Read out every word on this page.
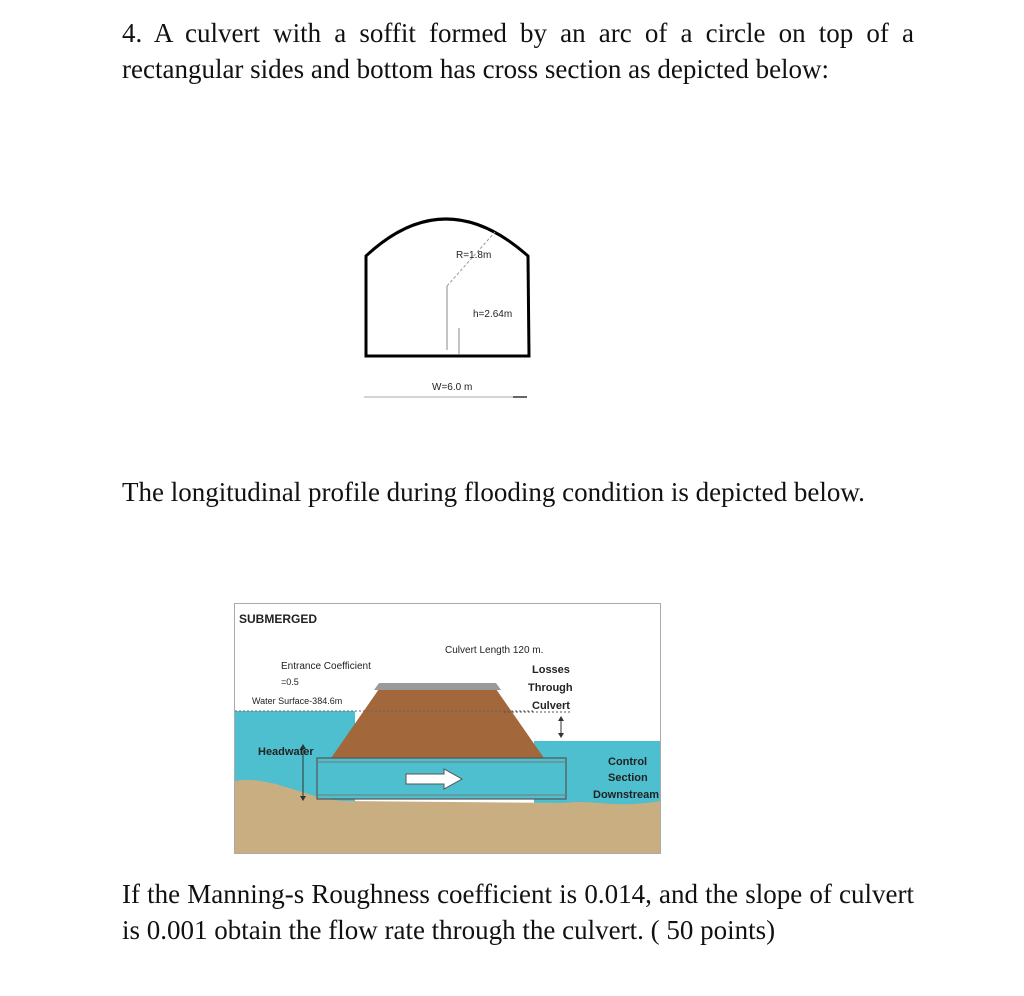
4. A culvert with a soffit formed by an arc of a circle on top of a rectangular sides and bottom has cross section as depicted below:

R=1.8m
h=2.64m
W=6.0 m

The longitudinal profile during flooding condition is depicted below.

SUBMERGED
Culvert Length 120 m.
Entrance Coefficient
=0.5
Water Surface-384.6m
Losses
Through
Culvert
Headwater
Control
Section
Downstream

If the Manning-s Roughness coefficient is 0.014, and the slope of culvert is 0.001 obtain the flow rate through the culvert. ( 50 points)
